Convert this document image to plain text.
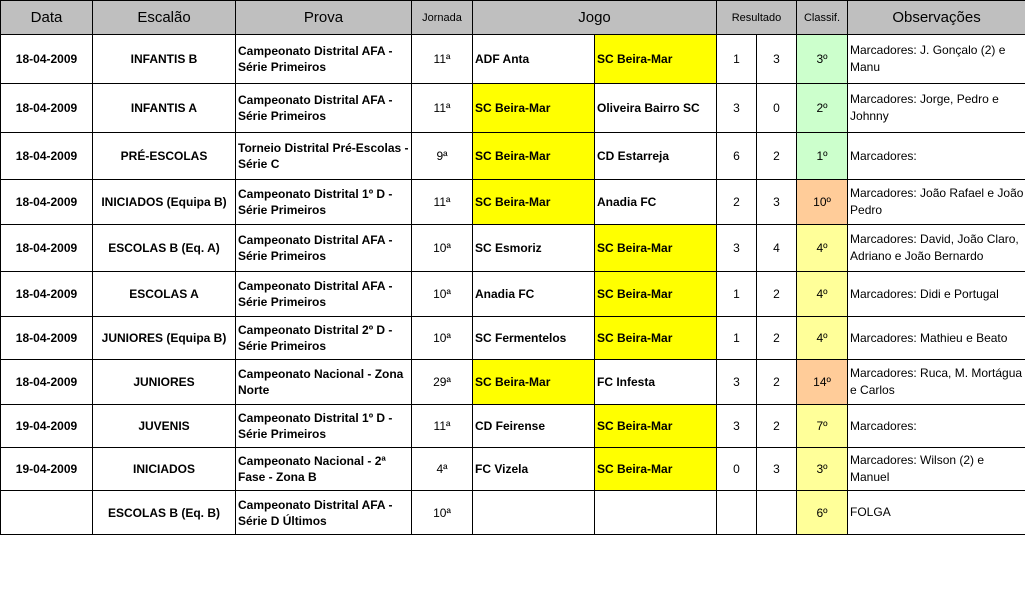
Data	Escalão	Prova	Jornada	Jogo		Resultado		Classif.	Observações
18-04-2009	INFANTIS B	Campeonato Distrital AFA - Série Primeiros	11ª	ADF Anta	SC Beira-Mar	1	3	3º	Marcadores: J. Gonçalo (2) e Manu
18-04-2009	INFANTIS A	Campeonato Distrital AFA - Série Primeiros	11ª	SC Beira-Mar	Oliveira Bairro SC	3	0	2º	Marcadores: Jorge, Pedro e Johnny
18-04-2009	PRÉ-ESCOLAS	Torneio Distrital Pré-Escolas - Série C	9ª	SC Beira-Mar	CD Estarreja	6	2	1º	Marcadores:
18-04-2009	INICIADOS (Equipa B)	Campeonato Distrital 1º D - Série Primeiros	11ª	SC Beira-Mar	Anadia FC	2	3	10º	Marcadores: João Rafael e João Pedro
18-04-2009	ESCOLAS B (Eq. A)	Campeonato Distrital AFA - Série Primeiros	10ª	SC Esmoriz	SC Beira-Mar	3	4	4º	Marcadores: David, João Claro, Adriano e João Bernardo
18-04-2009	ESCOLAS A	Campeonato Distrital AFA - Série Primeiros	10ª	Anadia FC	SC Beira-Mar	1	2	4º	Marcadores: Didi e Portugal
18-04-2009	JUNIORES (Equipa B)	Campeonato Distrital 2º D - Série Primeiros	10ª	SC Fermentelos	SC Beira-Mar	1	2	4º	Marcadores: Mathieu e Beato
18-04-2009	JUNIORES	Campeonato Nacional - Zona Norte	29ª	SC Beira-Mar	FC Infesta	3	2	14º	Marcadores: Ruca, M. Mortágua e Carlos
19-04-2009	JUVENIS	Campeonato Distrital 1º D - Série Primeiros	11ª	CD Feirense	SC Beira-Mar	3	2	7º	Marcadores:
19-04-2009	INICIADOS	Campeonato Nacional - 2ª Fase - Zona B	4ª	FC Vizela	SC Beira-Mar	0	3	3º	Marcadores: Wilson (2) e Manuel
	ESCOLAS B (Eq. B)	Campeonato Distrital AFA - Série D Últimos	10ª					6º	FOLGA
